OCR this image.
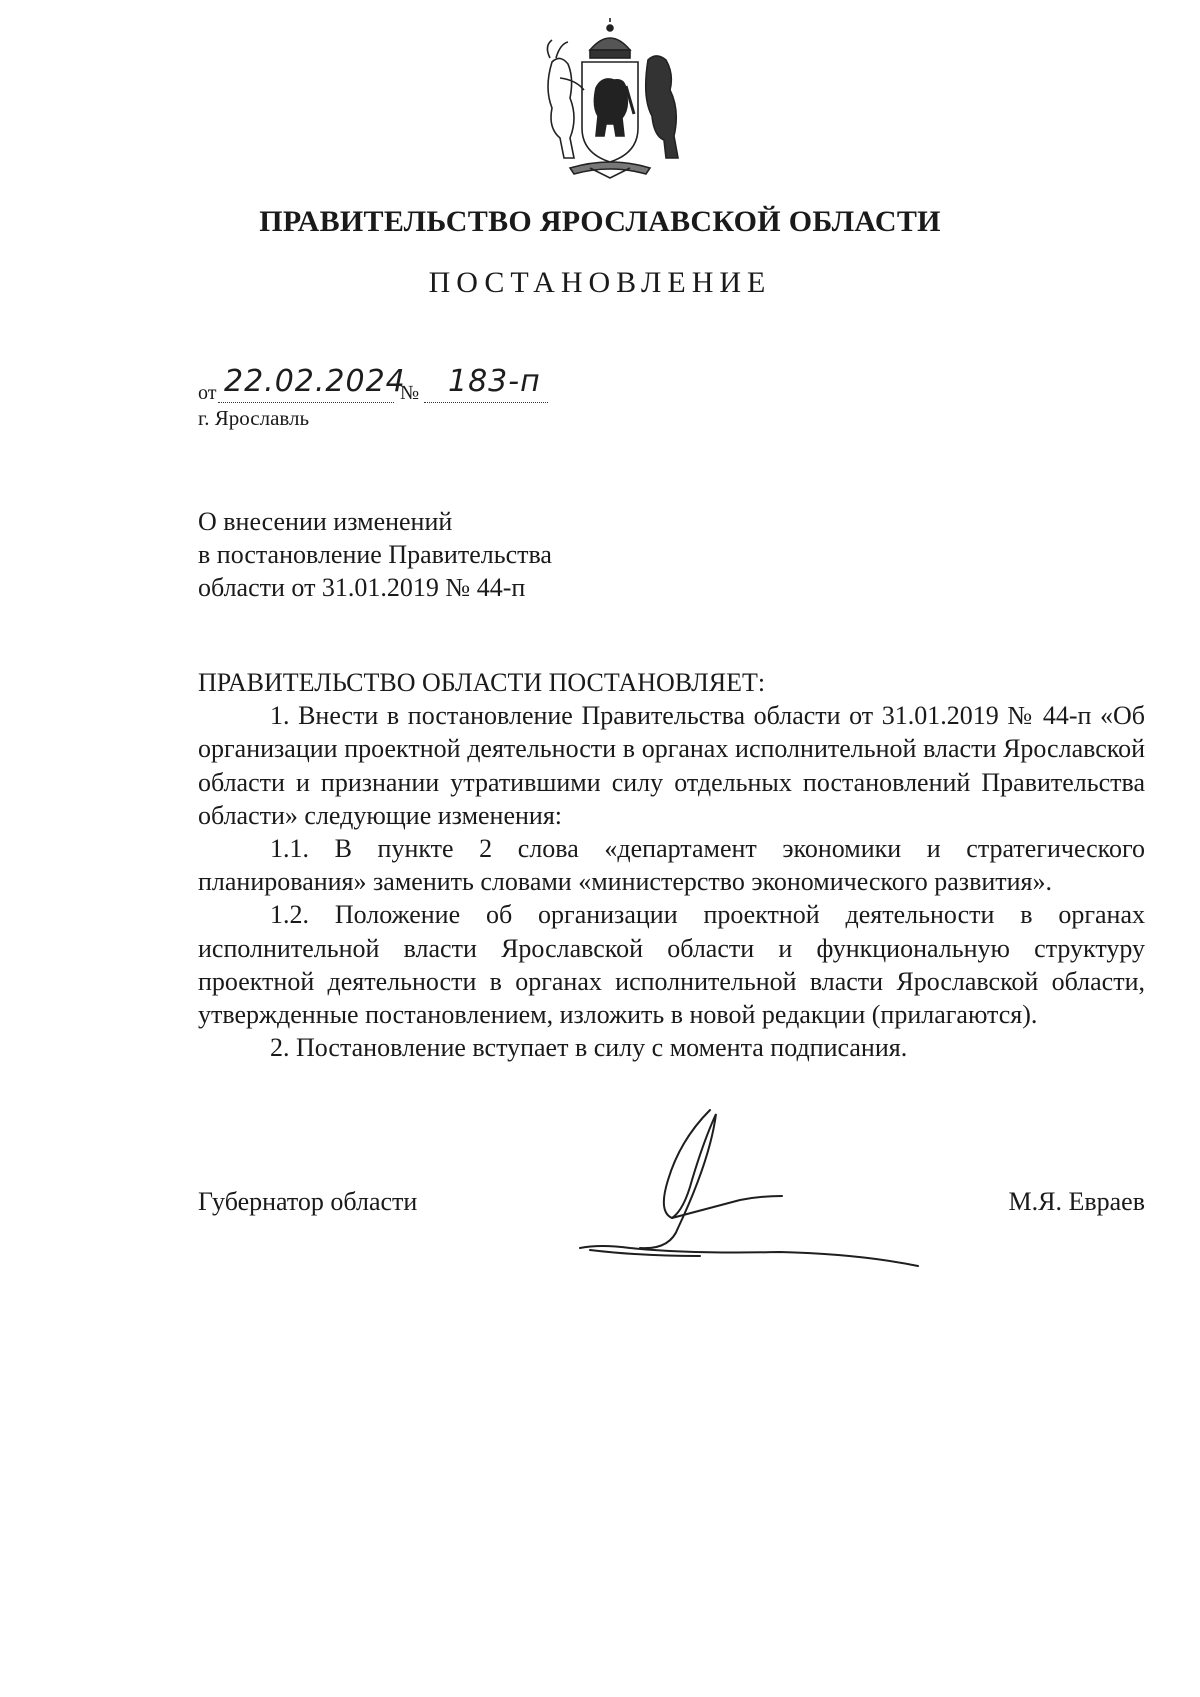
ПРАВИТЕЛЬСТВО ЯРОСЛАВСКОЙ ОБЛАСТИ
ПОСТАНОВЛЕНИЕ
от 22.02.2024
№ 183-п
г. Ярославль
О внесении изменений
в постановление Правительства
области от 31.01.2019 № 44-п
ПРАВИТЕЛЬСТВО ОБЛАСТИ ПОСТАНОВЛЯЕТ:

1. Внести в постановление Правительства области от 31.01.2019 № 44-п «Об организации проектной деятельности в органах исполнительной власти Ярославской области и признании утратившими силу отдельных постановлений Правительства области» следующие изменения:

1.1. В пункте 2 слова «департамент экономики и стратегического планирования» заменить словами «министерство экономического развития».

1.2. Положение об организации проектной деятельности в органах исполнительной власти Ярославской области и функциональную структуру проектной деятельности в органах исполнительной власти Ярославской области, утвержденные постановлением, изложить в новой редакции (прилагаются).

2. Постановление вступает в силу с момента подписания.

Губернатор области	М.Я. Евраев
